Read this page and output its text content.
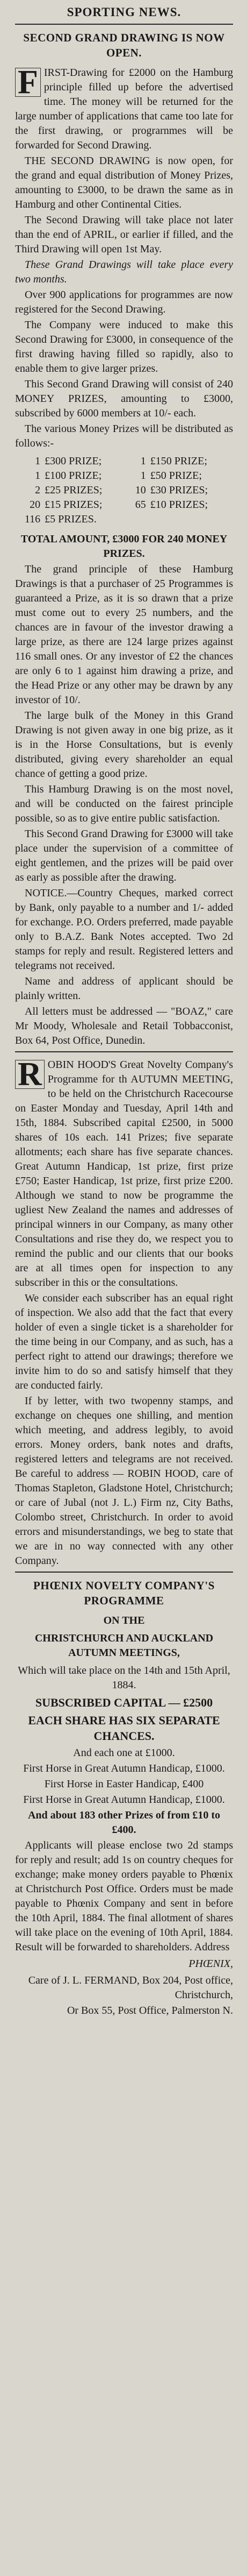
SPORTING NEWS.
SECOND GRAND DRAWING IS NOW OPEN.

F IRST-Drawing for £2000 on the Hamburg principle filled up before the advertised time. The money will be returned for the large number of applications that came too late for the first drawing, or prograrnmes will be forwarded for Second Drawing.

THE SECOND DRAWING is now open, for the grand and equal distribution of Money Prizes, amounting to £3000, to be drawn the same as in Hamburg and other Continental Cities.

The Second Drawing will take place not later than the end of APRIL, or earlier if filled, and the Third Drawing will open 1st May.

These Grand Drawings will take place every two months.

Over 900 applications for programmes are now registered for the Second Drawing.

The Company were induced to make this Second Drawing for £3000, in consequence of the first drawing having filled so rapidly, also to enable them to give larger prizes.

This Second Grand Drawing will consist of 240 MONEY PRIZES, amounting to £3000, subscribed by 6000 members at 10/- each.

The various Money Prizes will be distributed as follows:-

1	£300 PRIZE;	1	£150 PRIZE;
1	£100 PRIZE;	1	£50 PRIZE;
2	£25 PRIZES;	10	£30 PRIZES;
20	£15 PRIZES;	65	£10 PRIZES;
116	£5 PRIZES.		

TOTAL AMOUNT, £3000 FOR 240 MONEY PRIZES.

The grand principle of these Hamburg Drawings is that a purchaser of 25 Programmes is guaranteed a Prize, as it is so drawn that a prize must come out to every 25 numbers, and the chances are in favour of the investor drawing a large prize, as there are 124 large prizes against 116 small ones. Or any investor of £2 the chances are only 6 to 1 against him drawing a prize, and the Head Prize or any other may be drawn by any investor of 10/.

The large bulk of the Money in this Grand Drawing is not given away in one big prize, as it is in the Horse Consultations, but is evenly distributed, giving every shareholder an equal chance of getting a good prize.

This Hamburg Drawing is on the most novel, and will be conducted on the fairest principle possible, so as to give entire public satisfaction.

This Second Grand Drawing for £3000 will take place under the supervision of a committee of eight gentlemen, and the prizes will be paid over as early as possible after the drawing.

NOTICE.—Country Cheques, marked correct by Bank, only payable to a number and 1/- added for exchange. P.O. Orders preferred, made payable only to B.A.Z. Bank Notes accepted. Two 2d stamps for reply and result. Registered letters and telegrams not received.

Name and address of applicant should be plainly written.

All letters must be addressed — "BOAZ," care Mr Moody, Wholesale and Retail Tobbacconist, Box 64, Post Office, Dunedin.

R OBIN HOOD'S Great Novelty Company's Programme for th AUTUMN MEETING, to be held on the Christchurch Racecourse on Easter Monday and Tuesday, April 14th and 15th, 1884. Subscribed capital £2500, in 5000 shares of 10s each. 141 Prizes; five separate allotments; each share has five separate chances. Great Autumn Handicap, 1st prize, first prize £750; Easter Handicap, 1st prize, first prize £200. Although we stand to now be programme the ugliest New Zealand the names and addresses of principal winners in our Company, as many other Consultations and rise they do, we respect you to remind the public and our clients that our books are at all times open for inspection to any subscriber in this or the consultations.

We consider each subscriber has an equal right of inspection. We also add that the fact that every holder of even a single ticket is a shareholder for the time being in our Company, and as such, has a perfect right to attend our drawings; therefore we invite him to do so and satisfy himself that they are conducted fairly.

If by letter, with two twopenny stamps, and exchange on cheques one shilling, and mention which meeting, and address legibly, to avoid errors. Money orders, bank notes and drafts, registered letters and telegrams are not received. Be careful to address — ROBIN HOOD, care of Thomas Stapleton, Gladstone Hotel, Christchurch; or care of Jubal (not J. L.) Firm nz, City Baths, Colombo street, Christchurch. In order to avoid errors and misunderstandings, we beg to state that we are in no way connected with any other Company.

PHŒNIX NOVELTY COMPANY'S PROGRAMME
ON THE
CHRISTCHURCH AND AUCKLAND AUTUMN MEETINGS,

Which will take place on the 14th and 15th April, 1884.

SUBSCRIBED CAPITAL — £2500
EACH SHARE HAS SIX SEPARATE CHANCES.

And each one at £1000.

First Horse in Great Autumn Handicap, £1000.

First Horse in Easter Handicap, £400

First Horse in Great Autumn Handicap, £1000.

And about 183 other Prizes of from £10 to £400.

Applicants will please enclose two 2d stamps for reply and result; add 1s on country cheques for exchange; make money orders payable to Phœnix at Christchurch Post Office. Orders must be made payable to Phœnix Company and sent in before the 10th April, 1884. The final allotment of shares will take place on the evening of 10th April, 1884. Result will be forwarded to shareholders. Address

PHŒNIX,

Care of J. L. FERMAND, Box 204, Post office, Christchurch,

Or Box 55, Post Office, Palmerston N.
